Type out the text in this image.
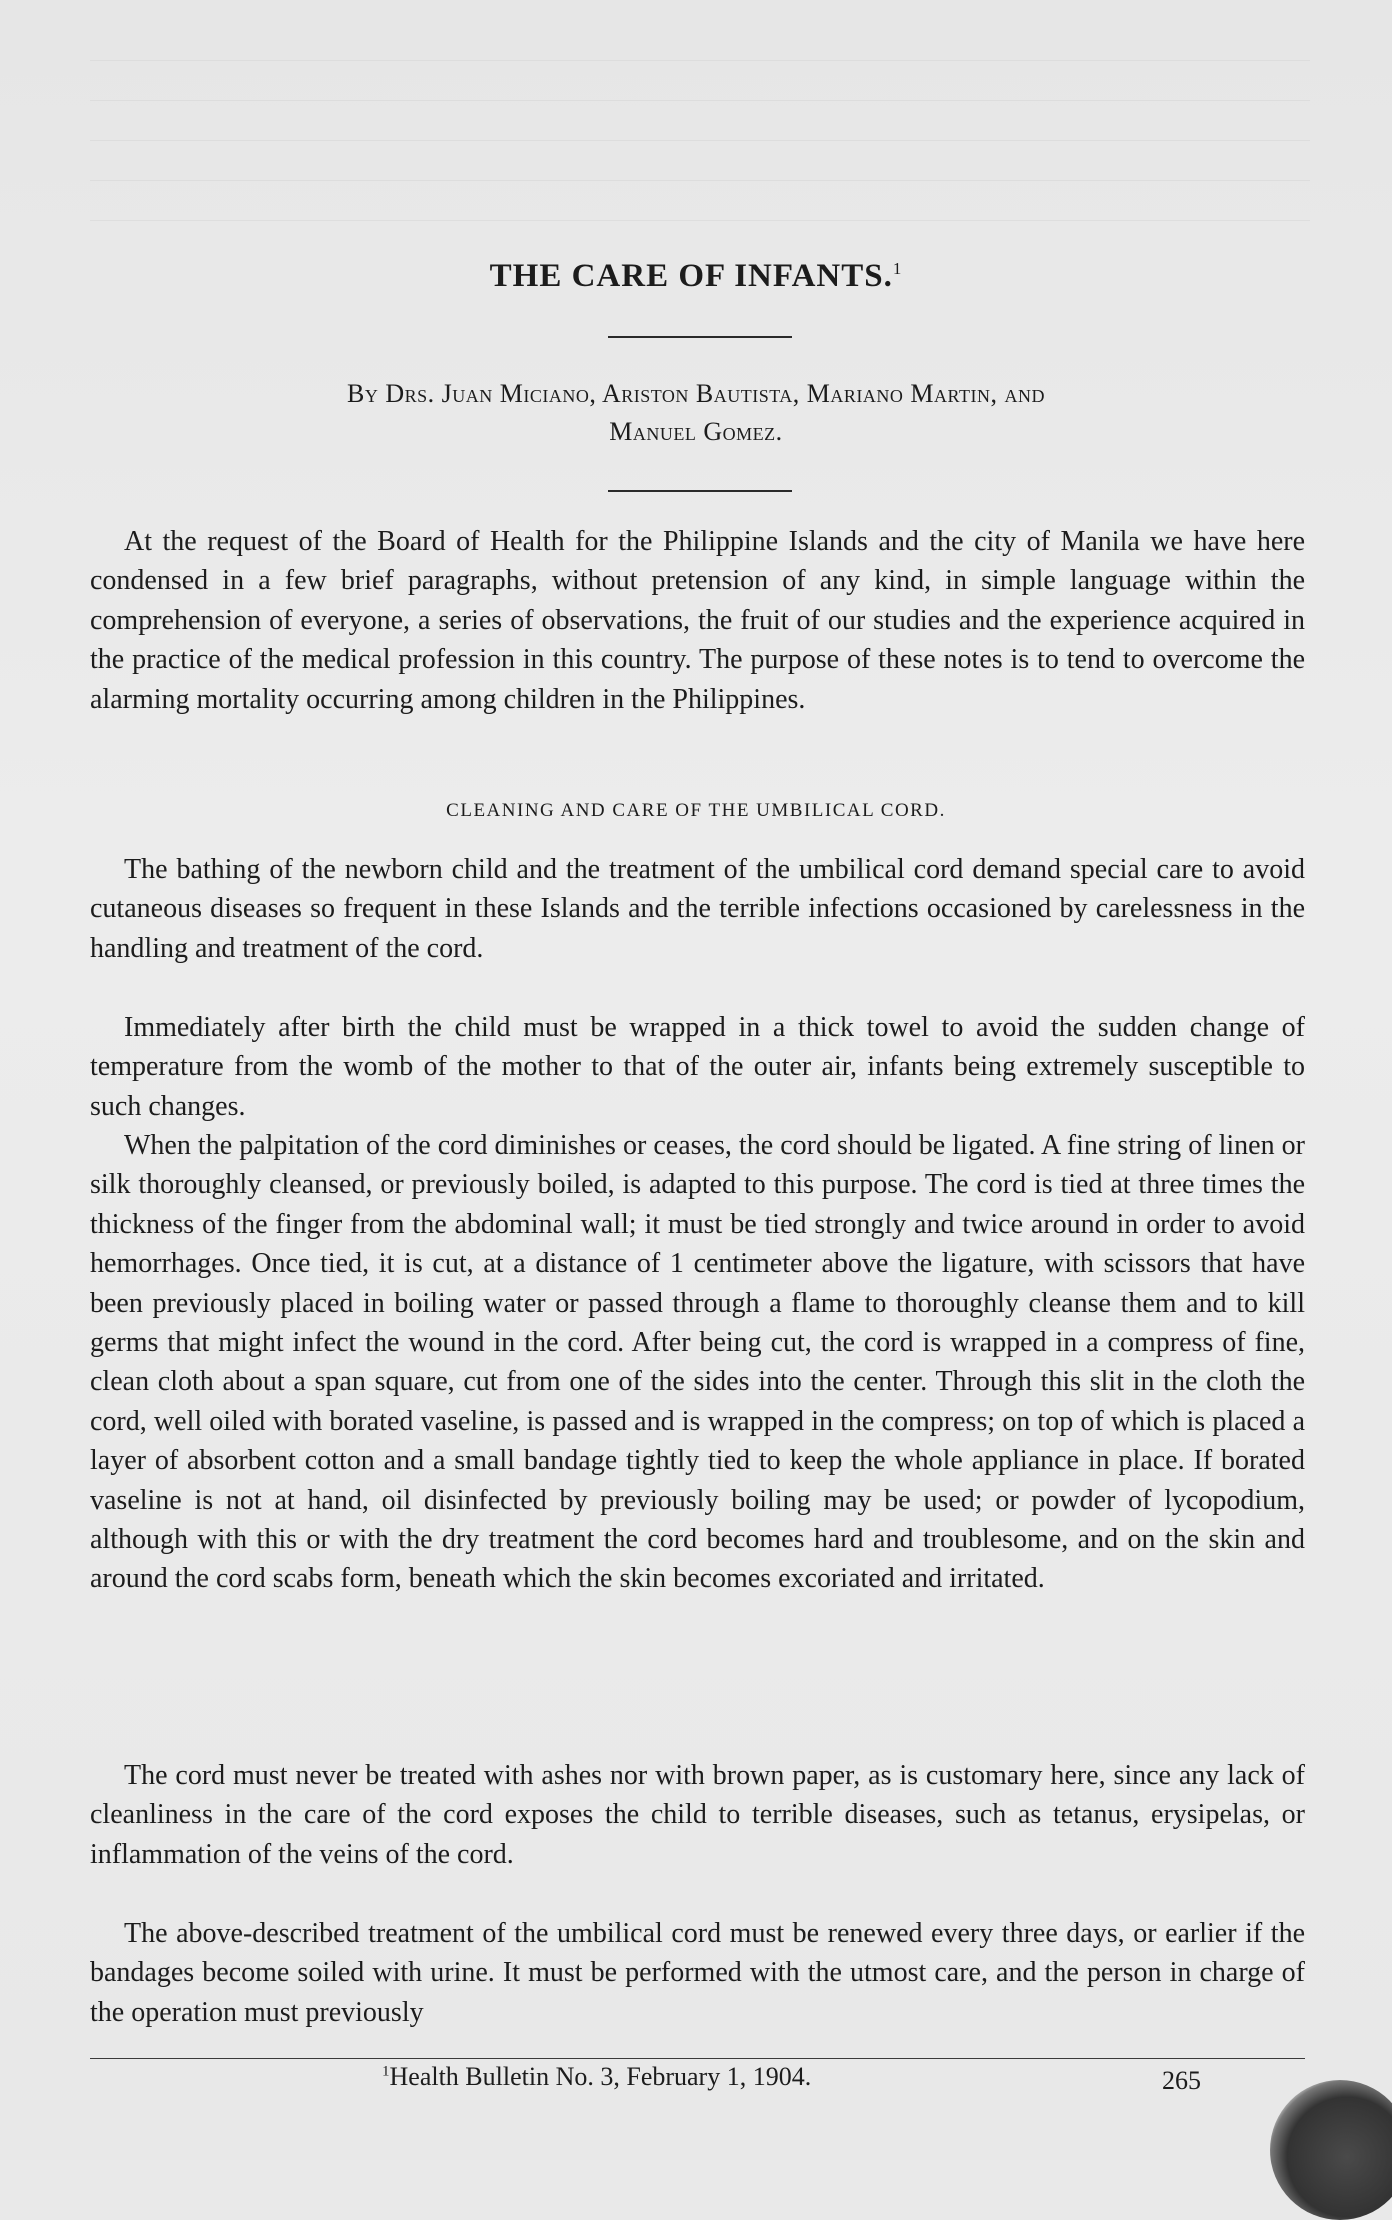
THE CARE OF INFANTS.$^1$
By Drs. Juan Miciano, Ariston Bautista, Mariano Martin, and
Manuel Gomez.

At the request of the Board of Health for the Philippine Islands and the city of Manila we have here condensed in a few brief paragraphs, without pretension of any kind, in simple language within the comprehension of everyone, a series of observations, the fruit of our studies and the experience acquired in the practice of the medical profession in this country. The purpose of these notes is to tend to overcome the alarming mortality occurring among children in the Philippines.

CLEANING AND CARE OF THE UMBILICAL CORD.

The bathing of the newborn child and the treatment of the umbilical cord demand special care to avoid cutaneous diseases so frequent in these Islands and the terrible infections occasioned by carelessness in the handling and treatment of the cord.

Immediately after birth the child must be wrapped in a thick towel to avoid the sudden change of temperature from the womb of the mother to that of the outer air, infants being extremely susceptible to such changes.

When the palpitation of the cord diminishes or ceases, the cord should be ligated. A fine string of linen or silk thoroughly cleansed, or previously boiled, is adapted to this purpose. The cord is tied at three times the thickness of the finger from the abdominal wall; it must be tied strongly and twice around in order to avoid hemorrhages. Once tied, it is cut, at a distance of 1 centimeter above the ligature, with scissors that have been previously placed in boiling water or passed through a flame to thoroughly cleanse them and to kill germs that might infect the wound in the cord. After being cut, the cord is wrapped in a compress of fine, clean cloth about a span square, cut from one of the sides into the center. Through this slit in the cloth the cord, well oiled with borated vaseline, is passed and is wrapped in the compress; on top of which is placed a layer of absorbent cotton and a small bandage tightly tied to keep the whole appliance in place. If borated vaseline is not at hand, oil disinfected by previously boiling may be used; or powder of lycopodium, although with this or with the dry treatment the cord becomes hard and troublesome, and on the skin and around the cord scabs form, beneath which the skin becomes excoriated and irritated.

The cord must never be treated with ashes nor with brown paper, as is customary here, since any lack of cleanliness in the care of the cord exposes the child to terrible diseases, such as tetanus, erysipelas, or inflammation of the veins of the cord.

The above-described treatment of the umbilical cord must be renewed every three days, or earlier if the bandages become soiled with urine. It must be performed with the utmost care, and the person in charge of the operation must previously

$^1$Health Bulletin No. 3, February 1, 1904.	265
